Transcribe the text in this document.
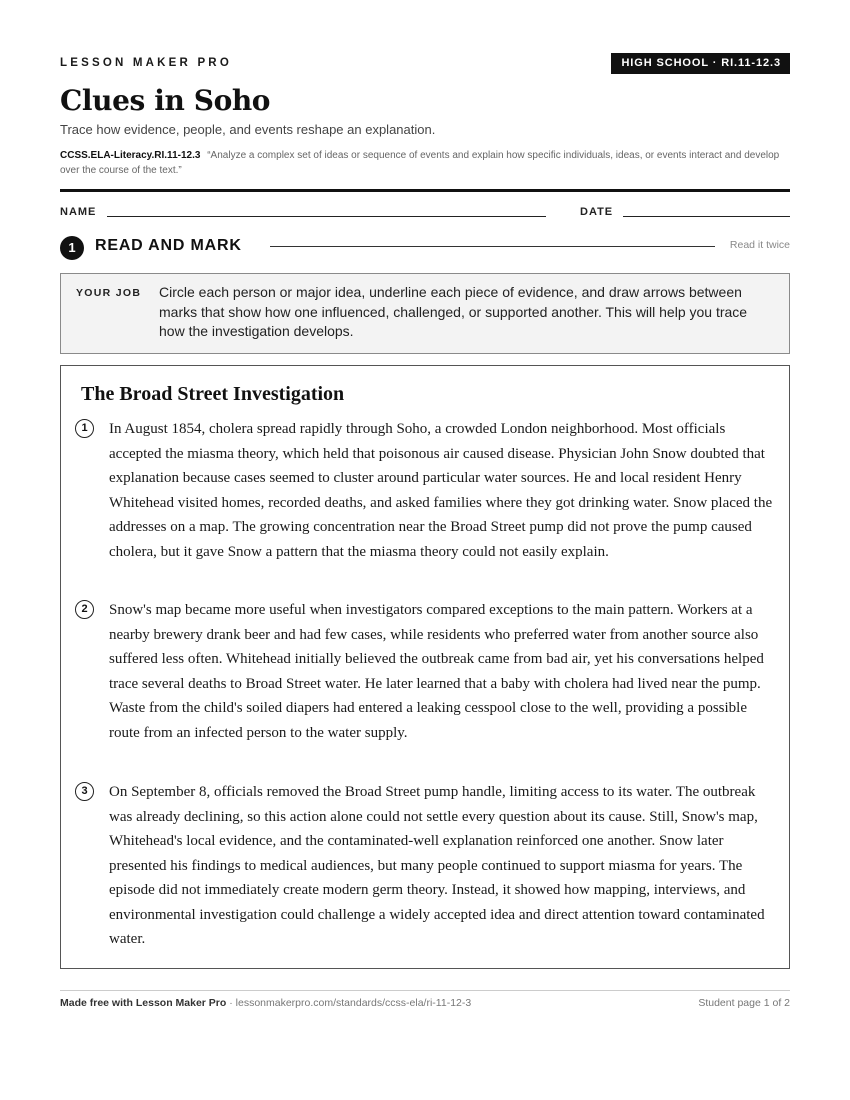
LESSON MAKER PRO	HIGH SCHOOL · RI.11-12.3
Clues in Soho
Trace how evidence, people, and events reshape an explanation.
CCSS.ELA-Literacy.RI.11-12.3 “Analyze a complex set of ideas or sequence of events and explain how specific individuals, ideas, or events interact and develop over the course of the text.”
NAME	DATE
1	READ AND MARK	Read it twice
YOUR JOB Circle each person or major idea, underline each piece of evidence, and draw arrows between marks that show how one influenced, challenged, or supported another. This will help you trace how the investigation develops.
The Broad Street Investigation
1	In August 1854, cholera spread rapidly through Soho, a crowded London neighborhood. Most officials accepted the miasma theory, which held that poisonous air caused disease. Physician John Snow doubted that explanation because cases seemed to cluster around particular water sources. He and local resident Henry Whitehead visited homes, recorded deaths, and asked families where they got drinking water. Snow placed the addresses on a map. The growing concentration near the Broad Street pump did not prove the pump caused cholera, but it gave Snow a pattern that the miasma theory could not easily explain.

2	Snow's map became more useful when investigators compared exceptions to the main pattern. Workers at a nearby brewery drank beer and had few cases, while residents who preferred water from another source also suffered less often. Whitehead initially believed the outbreak came from bad air, yet his conversations helped trace several deaths to Broad Street water. He later learned that a baby with cholera had lived near the pump. Waste from the child's soiled diapers had entered a leaking cesspool close to the well, providing a possible route from an infected person to the water supply.

3	On September 8, officials removed the Broad Street pump handle, limiting access to its water. The outbreak was already declining, so this action alone could not settle every question about its cause. Still, Snow's map, Whitehead's local evidence, and the contaminated-well explanation reinforced one another. Snow later presented his findings to medical audiences, but many people continued to support miasma for years. The episode did not immediately create modern germ theory. Instead, it showed how mapping, interviews, and environmental investigation could challenge a widely accepted idea and direct attention toward contaminated water.

Made free with Lesson Maker Pro · lessonmakerpro.com/standards/ccss-ela/ri-11-12-3	Student page 1 of 2
